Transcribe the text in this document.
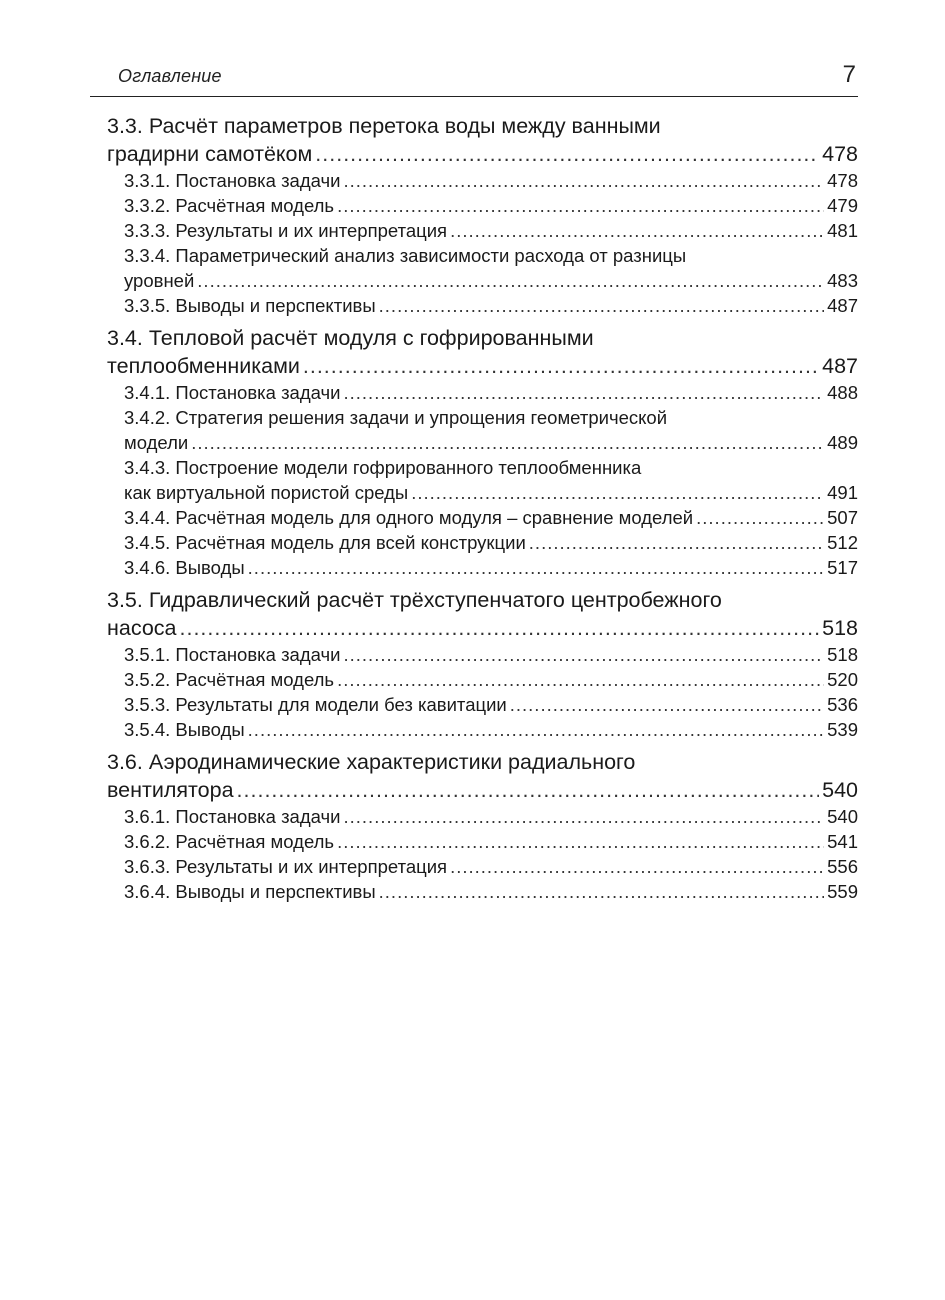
Оглавление	7
3.3. Расчёт параметров перетока воды между ванными
градирни самотёком .....	478
3.3.1. Постановка задачи .....	478
3.3.2. Расчётная модель .....	479
3.3.3. Результаты и их интерпретация .....	481
3.3.4. Параметрический анализ зависимости расхода от разницы
уровней .....	483
3.3.5. Выводы и перспективы .....	487
3.4. Тепловой расчёт модуля с гофрированными
теплообменниками .....	487
3.4.1. Постановка задачи .....	488
3.4.2. Стратегия решения задачи и упрощения геометрической
модели .....	489
3.4.3. Построение модели гофрированного теплообменника
как виртуальной пористой среды .....	491
3.4.4. Расчётная модель для одного модуля – сравнение моделей .....	507
3.4.5. Расчётная модель для всей конструкции .....	512
3.4.6. Выводы .....	517
3.5. Гидравлический расчёт трёхступенчатого центробежного
насоса .....	518
3.5.1. Постановка задачи .....	518
3.5.2. Расчётная модель .....	520
3.5.3. Результаты для модели без кавитации .....	536
3.5.4. Выводы .....	539
3.6. Аэродинамические характеристики радиального
вентилятора .....	540
3.6.1. Постановка задачи .....	540
3.6.2. Расчётная модель .....	541
3.6.3. Результаты и их интерпретация .....	556
3.6.4. Выводы и перспективы .....	559
